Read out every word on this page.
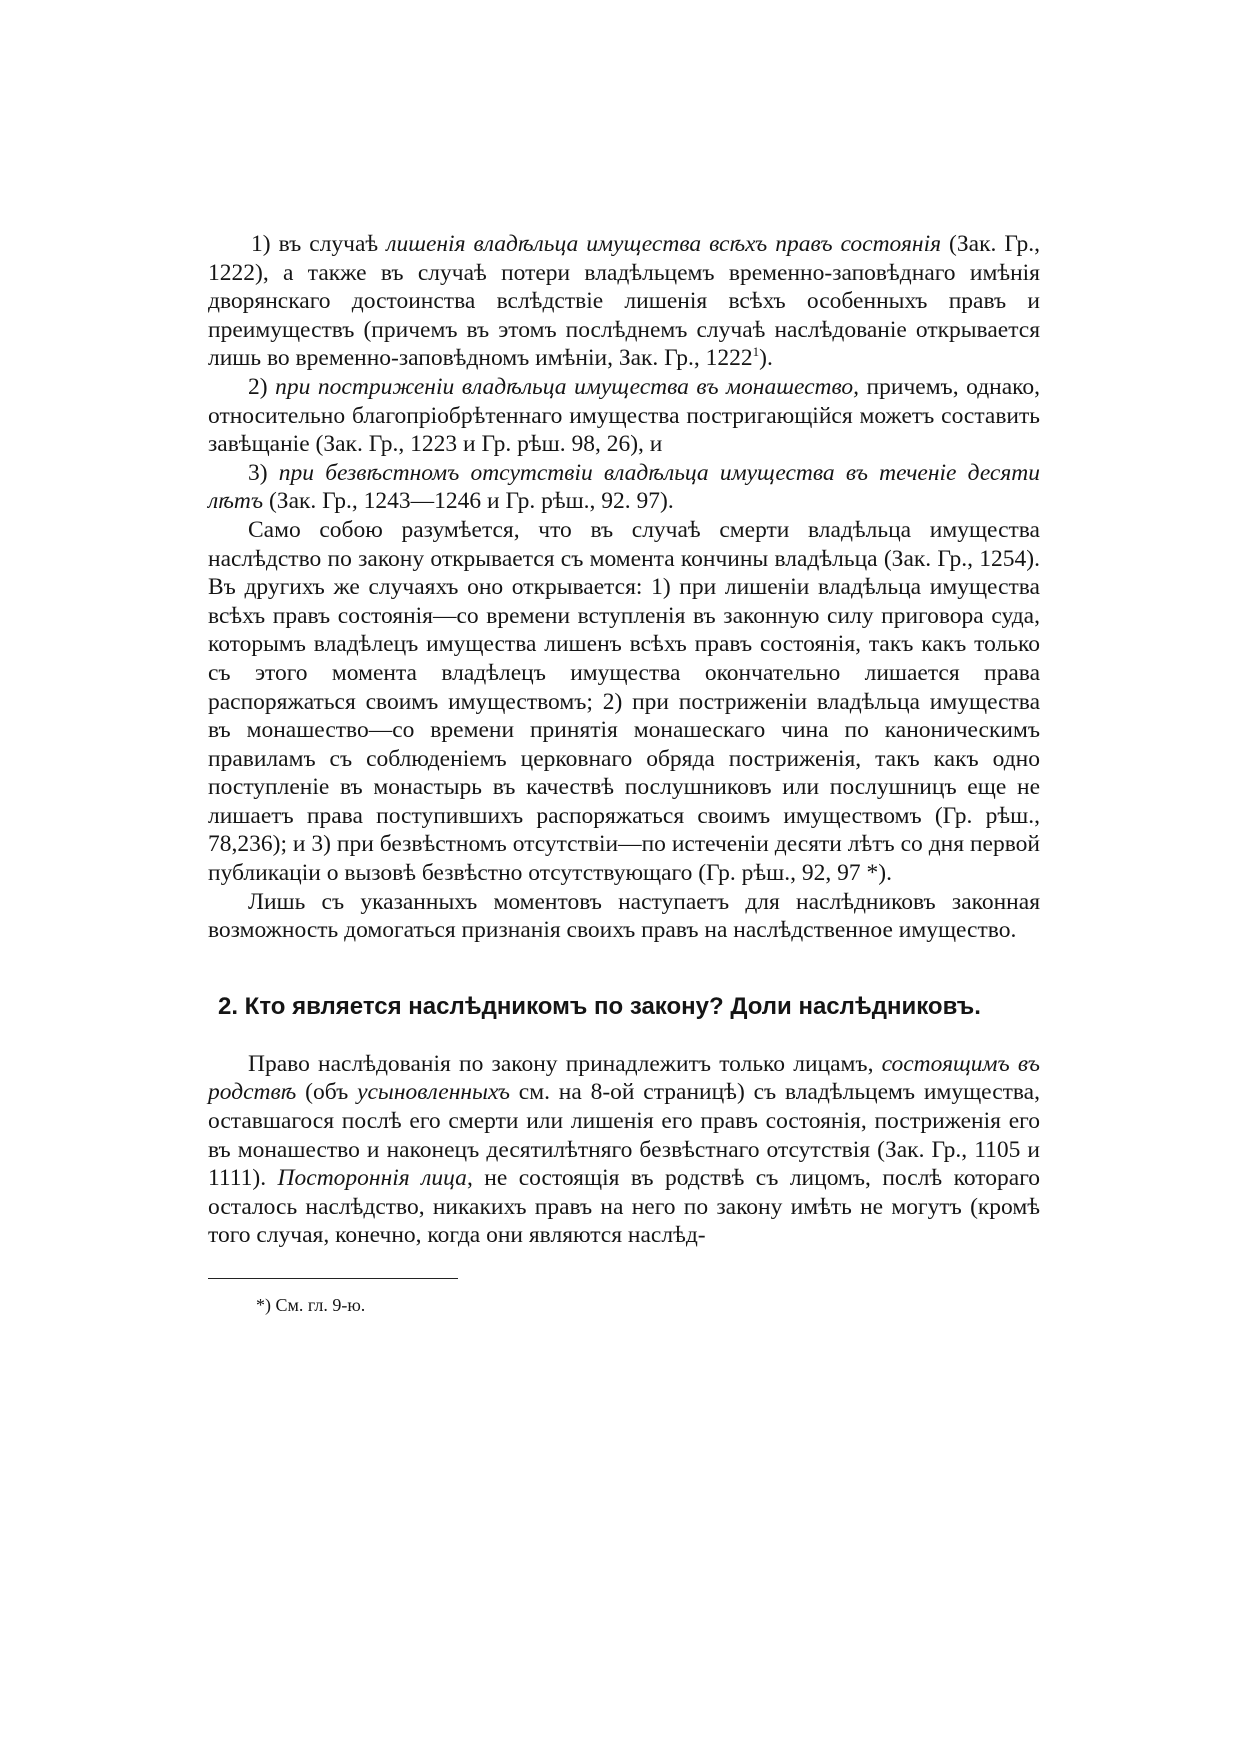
1) въ случаѣ лишенія владѣльца имущества всѣхъ правъ состоянія (Зак. Гр., 1222), а также въ случаѣ потери владѣльцемъ временно-заповѣднаго имѣнія дворянскаго достоинства вслѣдствіе лишенія всѣхъ особенныхъ правъ и преимуществъ (причемъ въ этомъ послѣднемъ случаѣ наслѣдованіе открывается лишь во временно-заповѣдномъ имѣніи, Зак. Гр., 1222$^1$).

2) при постриженіи владѣльца имущества въ монашество, причемъ, однако, относительно благопріобрѣтеннаго имущества постригающійся можетъ составить завѣщаніе (Зак. Гр., 1223 и Гр. рѣш. 98, 26), и

3) при безвѣстномъ отсутствіи владѣльца имущества въ теченіе десяти лѣтъ (Зак. Гр., 1243—1246 и Гр. рѣш., 92. 97).

Само собою разумѣется, что въ случаѣ смерти владѣльца имущества наслѣдство по закону открывается съ момента кончины владѣльца (Зак. Гр., 1254). Въ другихъ же случаяхъ оно открывается: 1) при лишеніи владѣльца имущества всѣхъ правъ состоянія—со времени вступленія въ законную силу приговора суда, которымъ владѣлецъ имущества лишенъ всѣхъ правъ состоянія, такъ какъ только съ этого момента владѣлецъ имущества окончательно лишается права распоряжаться своимъ имуществомъ; 2) при постриженіи владѣльца имущества въ монашество—со времени принятія монашескаго чина по каноническимъ правиламъ съ соблюденіемъ церковнаго обряда постриженія, такъ какъ одно поступленіе въ монастырь въ качествѣ послушниковъ или послушницъ еще не лишаетъ права поступившихъ распоряжаться своимъ имуществомъ (Гр. рѣш., 78,236); и 3) при безвѣстномъ отсутствіи—по истеченіи десяти лѣтъ со дня первой публикаціи о вызовѣ безвѣстно отсутствующаго (Гр. рѣш., 92, 97 *).

Лишь съ указанныхъ моментовъ наступаетъ для наслѣдниковъ законная возможность домогаться признанія своихъ правъ на наслѣдственное имущество.

2. Кто является наслѣдникомъ по закону? Доли наслѣдниковъ.

Право наслѣдованія по закону принадлежитъ только лицамъ, состоящимъ въ родствѣ (объ усыновленныхъ см. на 8-ой страницѣ) съ владѣльцемъ имущества, оставшагося послѣ его смерти или лишенія его правъ состоянія, постриженія его въ монашество и наконецъ десятилѣтняго безвѣстнаго отсутствія (Зак. Гр., 1105 и 1111). Постороннія лица, не состоящія въ родствѣ съ лицомъ, послѣ котораго осталось наслѣдство, никакихъ правъ на него по закону имѣть не могутъ (кромѣ того случая, конечно, когда они являются наслѣд-

*) См. гл. 9-ю.
